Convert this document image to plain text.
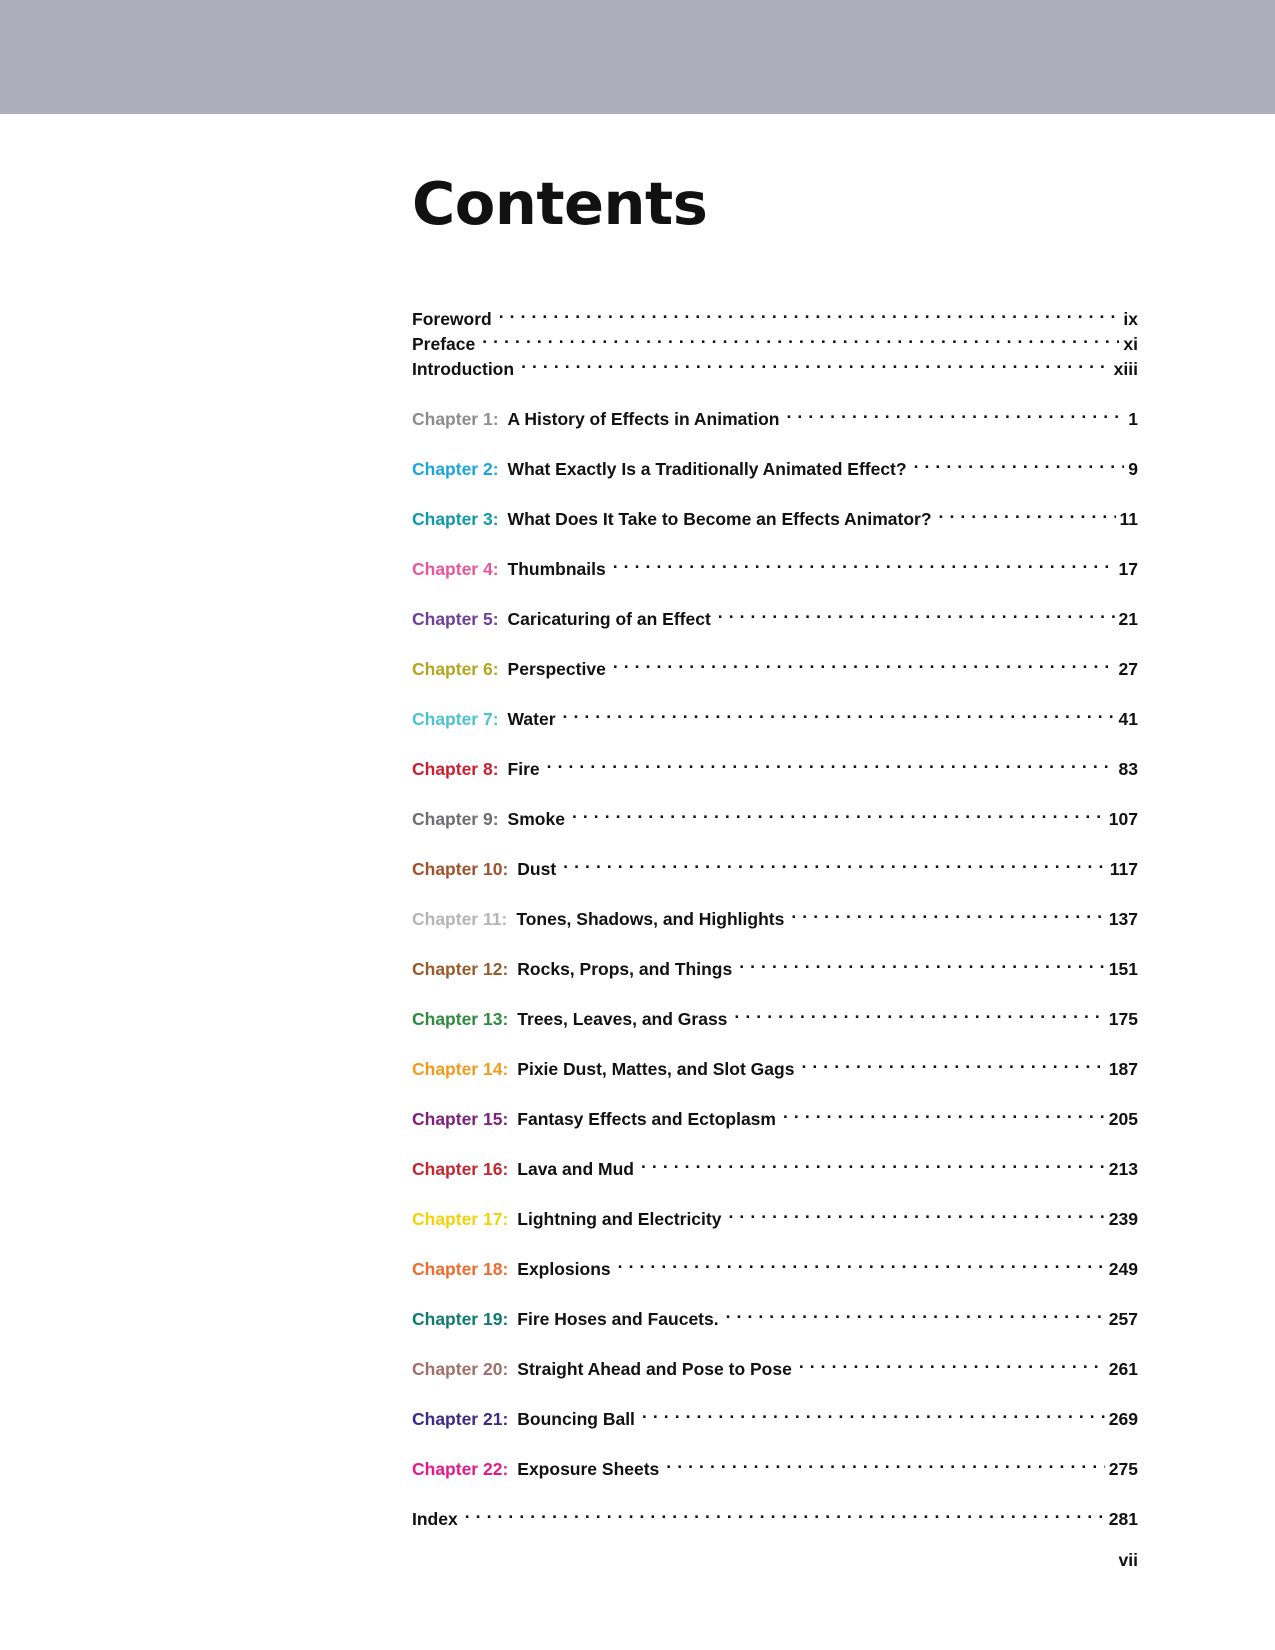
Contents
Foreword . . .	ix
Preface . . .	xi
Introduction . . .	xiii
Chapter 1: A History of Effects in Animation . . .	1
Chapter 2: What Exactly Is a Traditionally Animated Effect? . . .	9
Chapter 3: What Does It Take to Become an Effects Animator? . . .	11
Chapter 4: Thumbnails . . .	17
Chapter 5: Caricaturing of an Effect . . .	21
Chapter 6: Perspective . . .	27
Chapter 7: Water . . .	41
Chapter 8: Fire . . .	83
Chapter 9: Smoke . . .	107
Chapter 10: Dust . . .	117
Chapter 11: Tones, Shadows, and Highlights . . .	137
Chapter 12: Rocks, Props, and Things . . .	151
Chapter 13: Trees, Leaves, and Grass . . .	175
Chapter 14: Pixie Dust, Mattes, and Slot Gags . . .	187
Chapter 15: Fantasy Effects and Ectoplasm . . .	205
Chapter 16: Lava and Mud . . .	213
Chapter 17: Lightning and Electricity . . .	239
Chapter 18: Explosions . . .	249
Chapter 19: Fire Hoses and Faucets. . . .	257
Chapter 20: Straight Ahead and Pose to Pose . . .	261
Chapter 21: Bouncing Ball . . .	269
Chapter 22: Exposure Sheets . . .	275
Index . . .	281
vii
